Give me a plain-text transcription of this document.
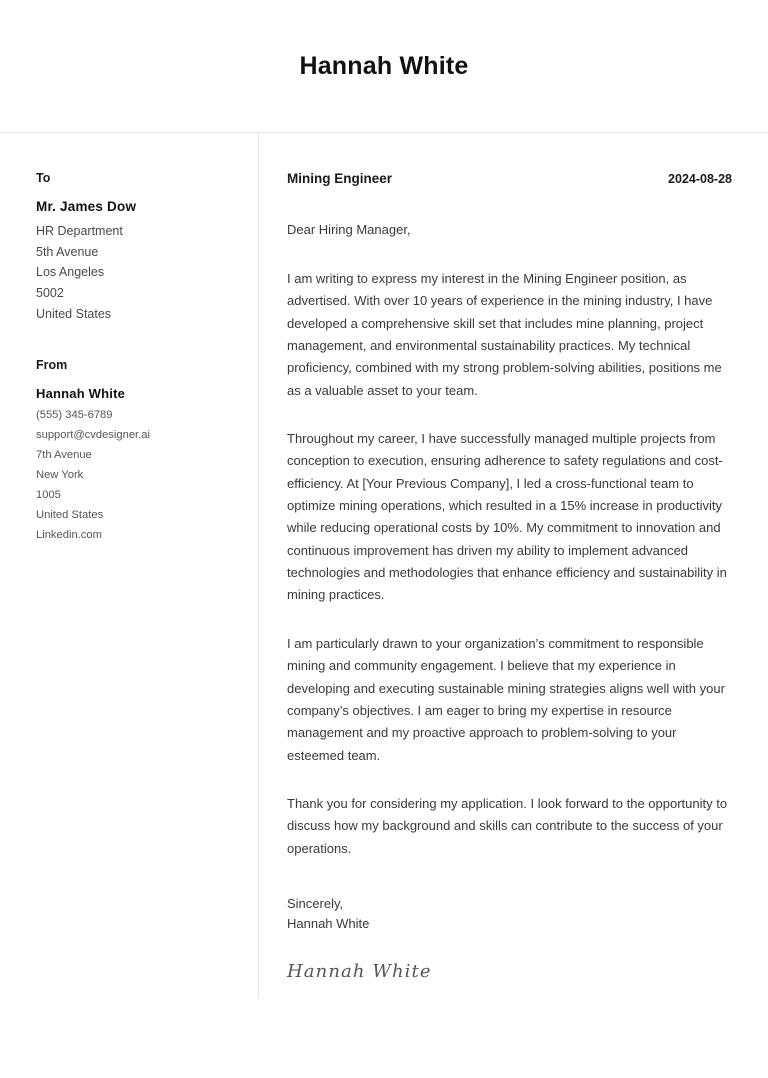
Hannah White
To
Mr. James Dow
HR Department
5th Avenue
Los Angeles
5002
United States
From
Hannah White
(555) 345-6789
support@cvdesigner.ai
7th Avenue
New York
1005
United States
Linkedin.com
Mining Engineer	2024-08-28
Dear Hiring Manager,

I am writing to express my interest in the Mining Engineer position, as advertised. With over 10 years of experience in the mining industry, I have developed a comprehensive skill set that includes mine planning, project management, and environmental sustainability practices. My technical proficiency, combined with my strong problem-solving abilities, positions me as a valuable asset to your team.

Throughout my career, I have successfully managed multiple projects from conception to execution, ensuring adherence to safety regulations and cost-efficiency. At [Your Previous Company], I led a cross-functional team to optimize mining operations, which resulted in a 15% increase in productivity while reducing operational costs by 10%. My commitment to innovation and continuous improvement has driven my ability to implement advanced technologies and methodologies that enhance efficiency and sustainability in mining practices.

I am particularly drawn to your organization’s commitment to responsible mining and community engagement. I believe that my experience in developing and executing sustainable mining strategies aligns well with your company’s objectives. I am eager to bring my expertise in resource management and my proactive approach to problem-solving to your esteemed team.

Thank you for considering my application. I look forward to the opportunity to discuss how my background and skills can contribute to the success of your operations.

Sincerely,
Hannah White
Hannah White
